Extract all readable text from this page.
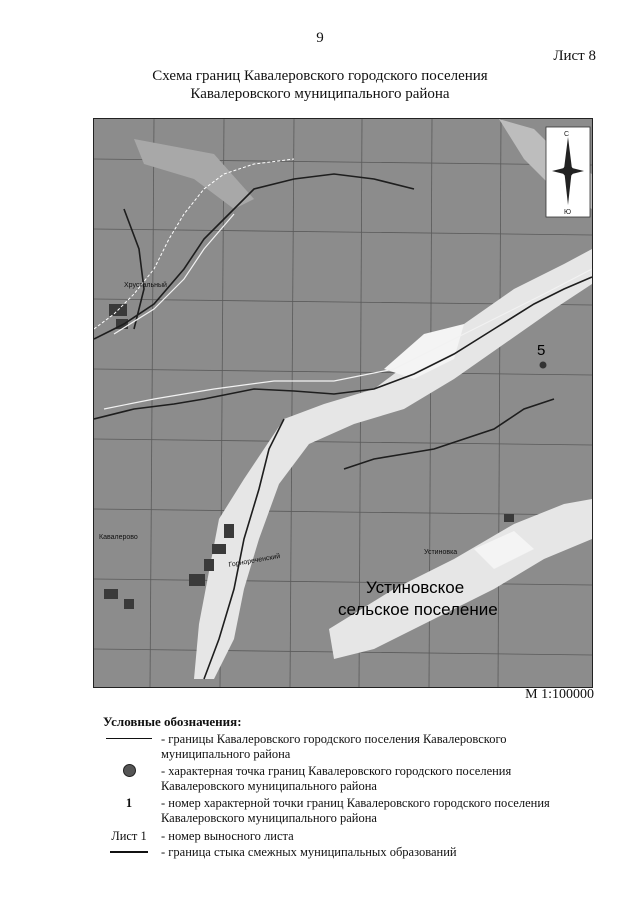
9
Лист 8
Схема границ Кавалеровского городского поселения
Кавалеровского муниципального района
С
Ю
Хрустальный
Горнореченский
Кавалерово
Устиновка
5
Устиновское
сельское поселение
М 1:100000
Условные обозначения:
- границы Кавалеровского городского поселения Кавалеровского муниципального района
- характерная точка границ Кавалеровского городского поселения Кавалеровского муниципального района
1	- номер характерной точки границ Кавалеровского городского поселения Кавалеровского муниципального района
Лист 1	- номер выносного листа
- граница стыка смежных муниципальных образований
